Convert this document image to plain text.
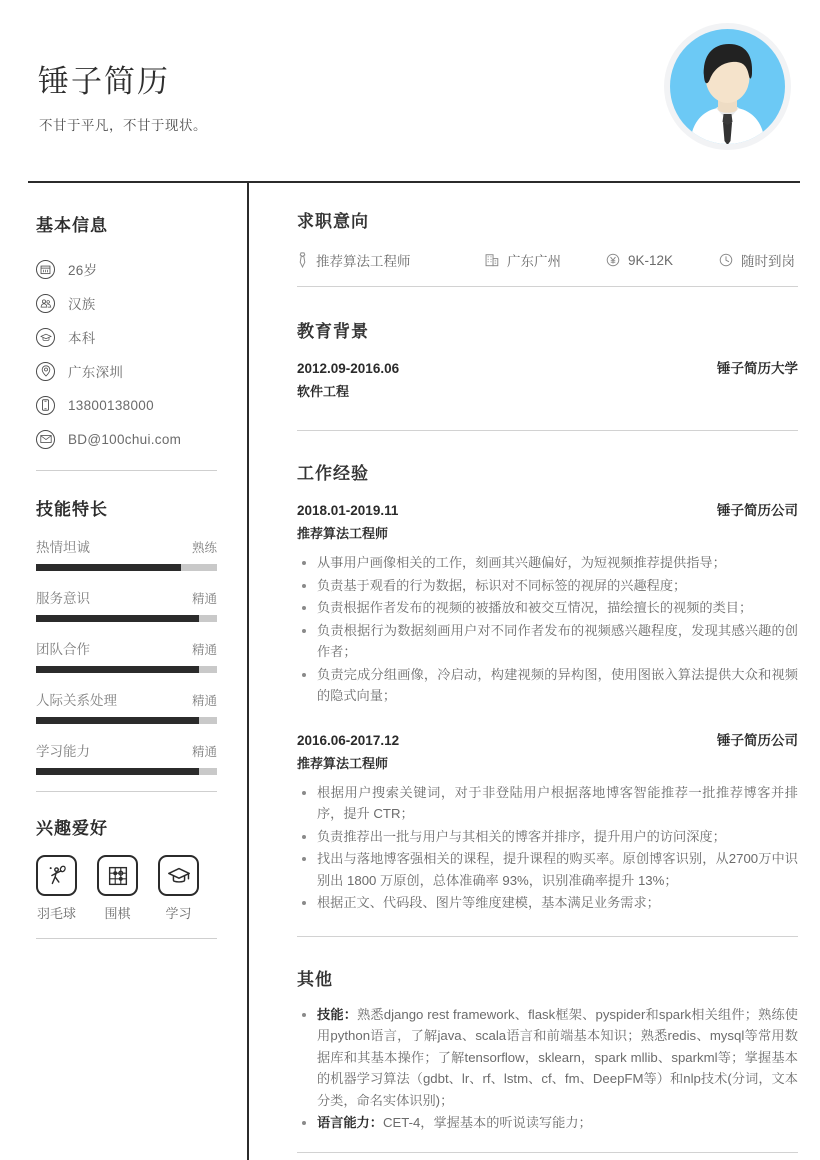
锤子简历
不甘于平凡，不甘于现状。
基本信息
26岁
汉族
本科
广东深圳
13800138000
BD@100chui.com
技能特长
热情坦诚	熟练
服务意识	精通
团队合作	精通
人际关系处理	精通
学习能力	精通
兴趣爱好
羽毛球	围棋	学习
求职意向
推荐算法工程师	广东广州	9K-12K	随时到岗
教育背景
2012.09-2016.06	锤子简历大学
软件工程
工作经验
2018.01-2019.11	锤子简历公司
推荐算法工程师
从事用户画像相关的工作，刻画其兴趣偏好，为短视频推荐提供指导；
负责基于观看的行为数据，标识对不同标签的视屏的兴趣程度；
负责根据作者发布的视频的被播放和被交互情况，描绘擅长的视频的类目；
负责根据行为数据刻画用户对不同作者发布的视频感兴趣程度，发现其感兴趣的创作者；
负责完成分组画像，冷启动，构建视频的异构图，使用图嵌入算法提供大众和视频的隐式向量；
2016.06-2017.12	锤子简历公司
推荐算法工程师
根据用户搜索关键词，对于非登陆用户根据落地博客智能推荐一批推荐博客并排序，提升 CTR；
负责推荐出一批与用户与其相关的博客并排序，提升用户的访问深度；
找出与落地博客强相关的课程，提升课程的购买率。原创博客识别，从2700万中识别出 1800 万原创，总体准确率 93%，识别准确率提升 13%；
根据正文、代码段、图片等维度建模，基本满足业务需求；
其他
技能：熟悉django rest framework、flask框架、pyspider和spark相关组件；熟练使用python语言，了解java、scala语言和前端基本知识；熟悉redis、mysql等常用数据库和其基本操作；了解tensorflow，sklearn，spark mllib、sparkml等；掌握基本的机器学习算法（gdbt、lr、rf、lstm、cf、fm、DeepFM等）和nlp技术(分词，文本分类，命名实体识别)；
语言能力：CET-4，掌握基本的听说读写能力；
